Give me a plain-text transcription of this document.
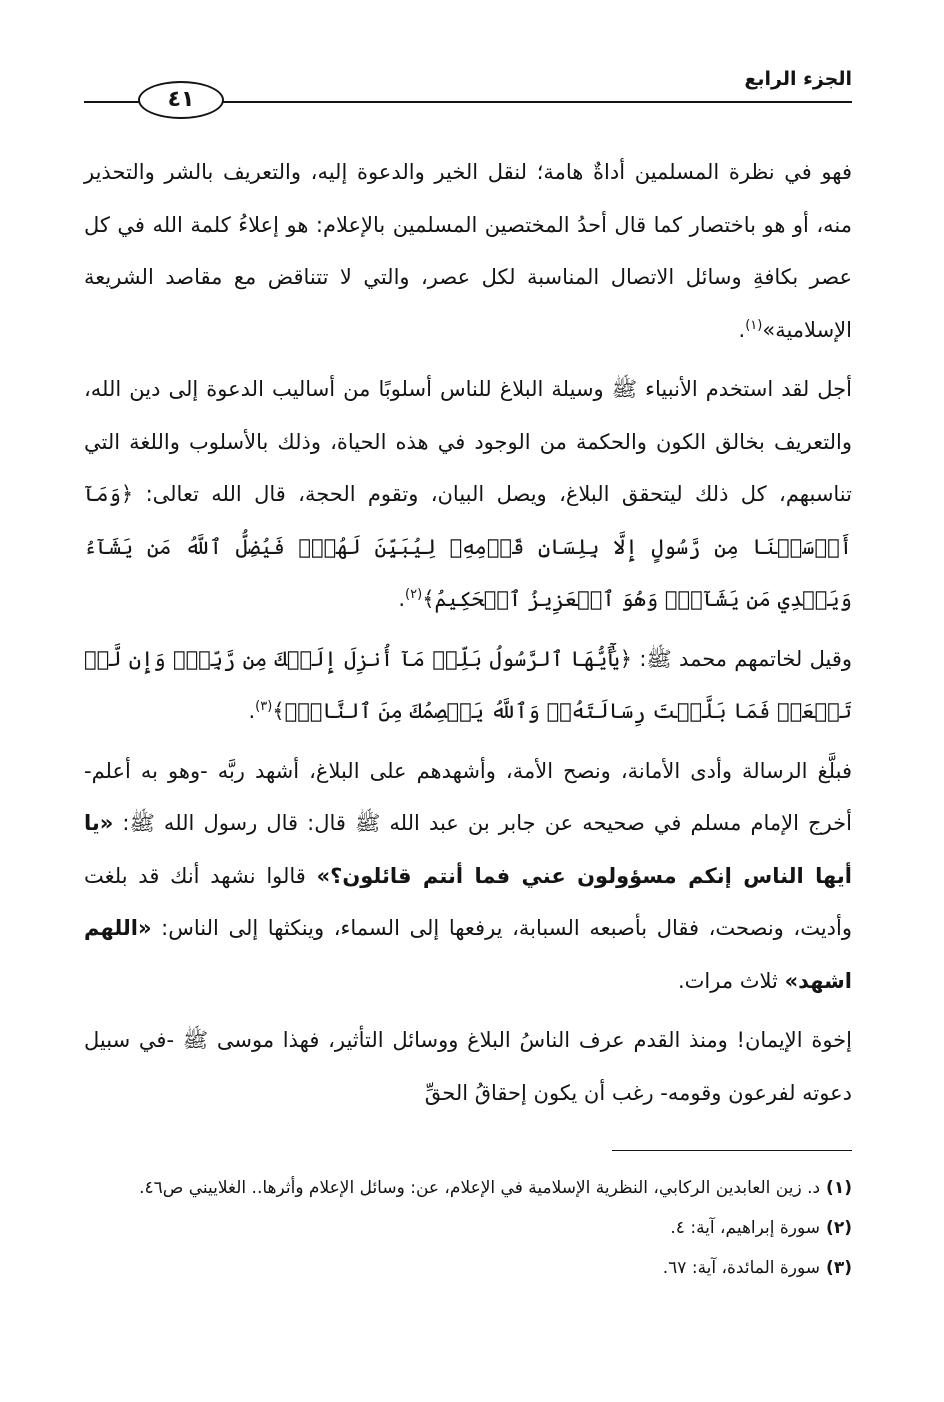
الجزء الرابع
٤١

فهو في نظرة المسلمين أداةٌ هامة؛ لنقل الخير والدعوة إليه، والتعريف بالشر والتحذير منه، أو هو باختصار كما قال أحدُ المختصين المسلمين بالإعلام: هو إعلاءُ كلمة الله في كل عصر بكافةِ وسائل الاتصال المناسبة لكل عصر، والتي لا تتناقض مع مقاصد الشريعة الإسلامية»$^{(١)}$.

أجل لقد استخدم الأنبياء ﷺ وسيلة البلاغ للناس أسلوبًا من أساليب الدعوة إلى دين الله، والتعريف بخالق الكون والحكمة من الوجود في هذه الحياة، وذلك بالأسلوب واللغة التي تناسبهم، كل ذلك ليتحقق البلاغ، ويصل البيان، وتقوم الحجة، قال الله تعالى: ﴿وَمَآ أَرۡسَلۡنَا مِن رَّسُولٍ إِلَّا بِلِسَانِ قَوۡمِهِۦ لِيُبَيِّنَ لَهُمۡۖ فَيُضِلُّ ٱللَّهُ مَن يَشَآءُ وَيَهۡدِي مَن يَشَآءُۚ وَهُوَ ٱلۡعَزِيزُ ٱلۡحَكِيمُ﴾$^{(٢)}$.

وقيل لخاتمهم محمد ﷺ: ﴿يَٰٓأَيُّهَا ٱلرَّسُولُ بَلِّغۡ مَآ أُنزِلَ إِلَيۡكَ مِن رَّبِّكَۖ وَإِن لَّمۡ تَفۡعَلۡ فَمَا بَلَّغۡتَ رِسَالَتَهُۥۚ وَٱللَّهُ يَعۡصِمُكَ مِنَ ٱلنَّاسِۗ﴾$^{(٣)}$.

فبلَّغ الرسالة وأدى الأمانة، ونصح الأمة، وأشهدهم على البلاغ، أشهد ربَّه -وهو به أعلم- أخرج الإمام مسلم في صحيحه عن جابر بن عبد الله ﷺ قال: قال رسول الله ﷺ: «يا أيها الناس إنكم مسؤولون عني فما أنتم قائلون؟» قالوا نشهد أنك قد بلغت وأديت، ونصحت، فقال بأصبعه السبابة، يرفعها إلى السماء، وينكثها إلى الناس: «اللهم اشهد» ثلاث مرات.

إخوة الإيمان! ومنذ القدم عرف الناسُ البلاغ ووسائل التأثير، فهذا موسى ﷺ -في سبيل دعوته لفرعون وقومه- رغب أن يكون إحقاقُ الحقِّ

(١)د. زين العابدين الركابي، النظرية الإسلامية في الإعلام، عن: وسائل الإعلام وأثرها.. الغلاييني ص٤٦.

(٢)سورة إبراهيم، آية: ٤.

(٣)سورة المائدة، آية: ٦٧.
